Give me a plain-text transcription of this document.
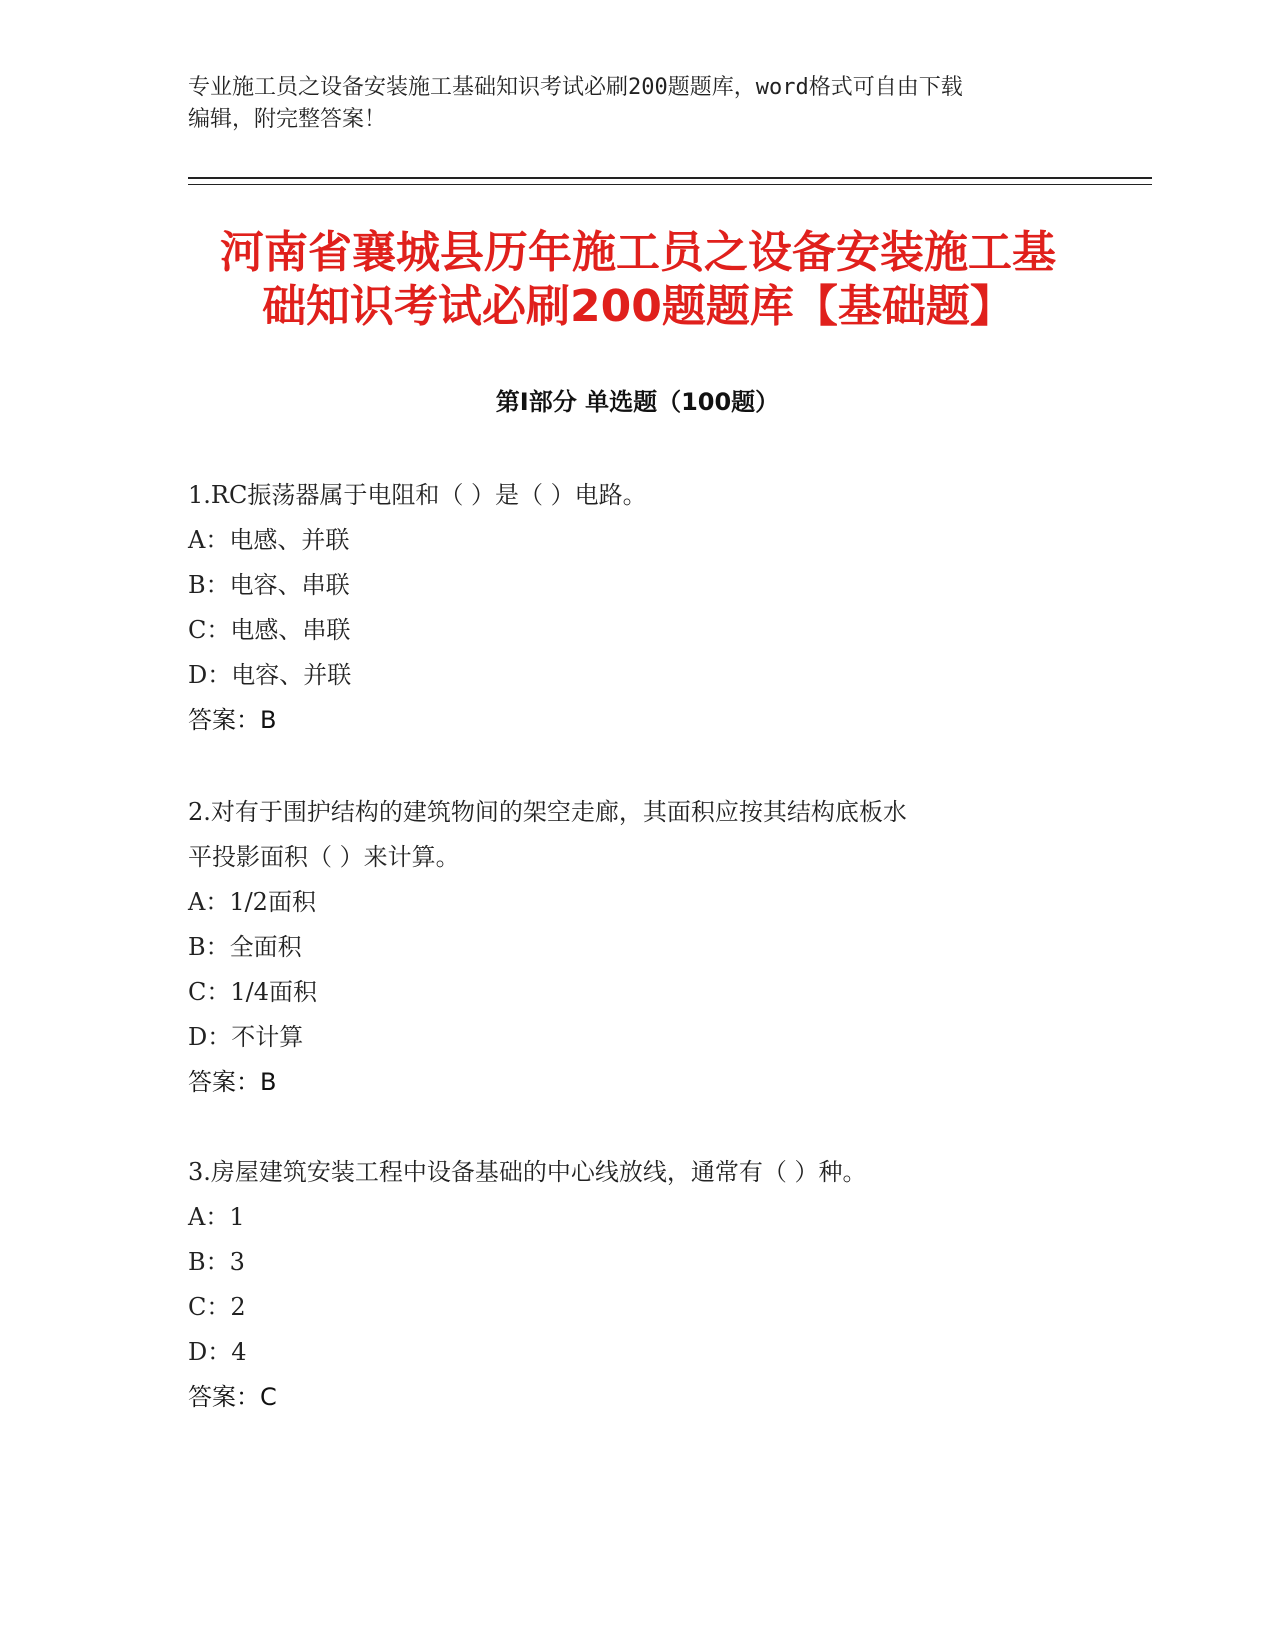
专业施工员之设备安装施工基础知识考试必刷200题题库，word格式可自由下载
编辑，附完整答案！
河南省襄城县历年施工员之设备安装施工基
础知识考试必刷200题题库【基础题】
第Ⅰ部分 单选题（100题）
1.RC振荡器属于电阻和（ ）是（ ）电路。
A：电感、并联
B：电容、串联
C：电感、串联
D：电容、并联
答案：B
2.对有于围护结构的建筑物间的架空走廊，其面积应按其结构底板水
平投影面积（ ）来计算。
A：1/2面积
B：全面积
C：1/4面积
D：不计算
答案：B
3.房屋建筑安装工程中设备基础的中心线放线，通常有（ ）种。
A：1
B：3
C：2
D：4
答案：C
